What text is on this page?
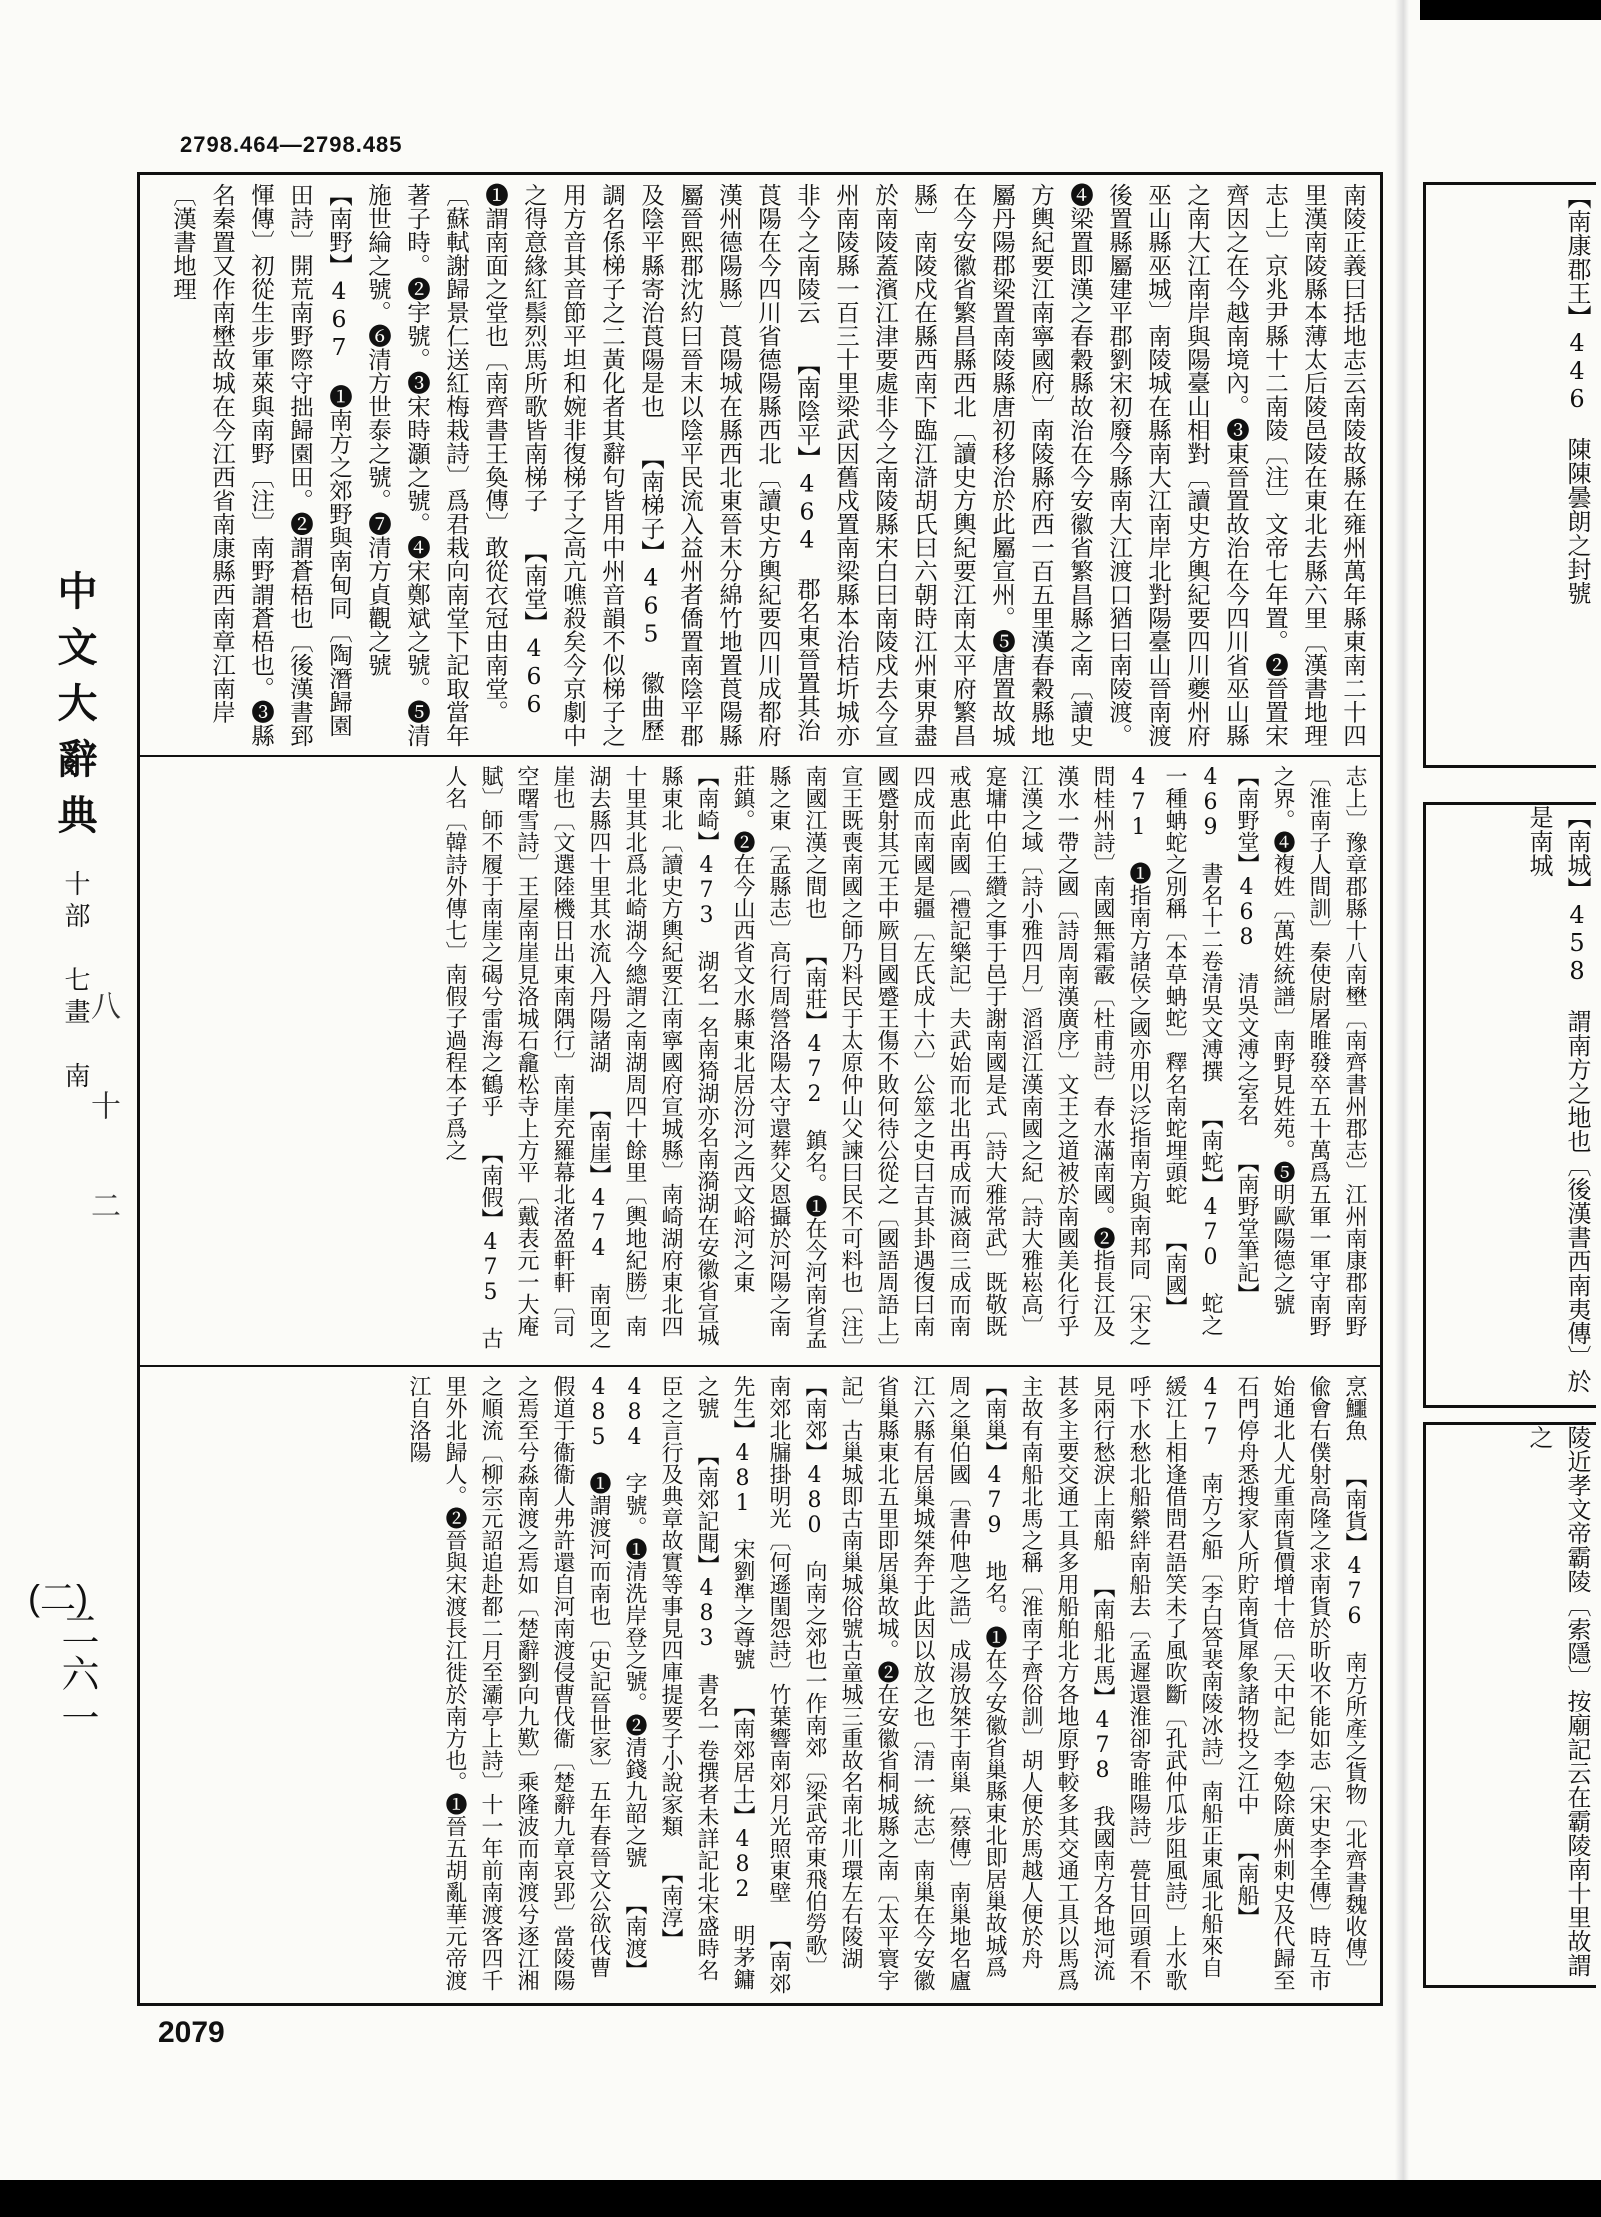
2798.464—2798.485
南陵正義曰括地志云南陵故縣在雍州萬年縣東南二十四里漢南陵縣本薄太后陵邑陵在東北去縣六里〔漢書地理志上〕京兆尹縣十二南陵〔注〕文帝七年置。❷晉置宋齊因之在今越南境內。❸東晉置故治在今四川省巫山縣之南大江南岸與陽臺山相對〔讀史方輿紀要四川夔州府巫山縣巫城〕南陵城在縣南大江南岸北對陽臺山晉南渡後置縣屬建平郡劉宋初廢今縣南大江渡口猶曰南陵渡。❹梁置即漢之春穀縣故治在今安徽省繁昌縣之南〔讀史方輿紀要江南寧國府〕南陵縣府西一百五里漢春穀縣地屬丹陽郡梁置南陵縣唐初移治於此屬宣州。❺唐置故城在今安徽省繁昌縣西北〔讀史方輿紀要江南太平府繁昌縣〕南陵戍在縣西南下臨江滸胡氏曰六朝時江州東界盡於南陵蓋濱江津要處非今之南陵縣宋白曰南陵戍去今宣州南陵縣一百三十里梁武因舊戍置南梁縣本治桔圻城亦非今之南陵云 【南陰平】464　郡名東晉置其治莨陽在今四川省德陽縣西北〔讀史方輿紀要四川成都府漢州德陽縣〕莨陽城在縣西北東晉末分綿竹地置莨陽縣屬晉熙郡沈約曰晉末以陰平民流入益州者僑置南陰平郡及陰平縣寄治莨陽是也 【南梯子】465　徽曲歷調名係梯子之二黃化者其辭句皆用中州音韻不似梯子之用方音其音節平坦和婉非復梯子之高亢噍殺矣今京劇中之得意緣紅鬃烈馬所歌皆南梯子 【南堂】466　❶謂南面之堂也〔南齊書王奐傳〕敢從衣冠由南堂。〔蘇軾謝歸景仁送紅梅栽詩〕爲君栽向南堂下記取當年著子時。❷宇號。❸宋時灝之號。❹宋鄭斌之號。❺清施世綸之號。❻清方世泰之號。❼清方貞觀之號 【南野】467　❶南方之郊野與南甸同〔陶潛歸園田詩〕開荒南野際守拙歸園田。❷謂蒼梧也〔後漢書郅惲傳〕初從生步軍萊與南野〔注〕南野謂蒼梧也。❸縣名秦置又作南壄故城在今江西省南康縣西南章江南岸〔漢書地理
志上〕豫章郡縣十八南壄〔南齊書州郡志〕江州南康郡南野〔淮南子人間訓〕秦使尉屠睢發卒五十萬爲五軍一軍守南野之界。❹複姓〔萬姓統譜〕南野見姓苑。❺明歐陽德之號 【南野堂】468　清吳文溥之室名 【南野堂筆記】469　書名十二卷清吳文溥撰 【南蛇】470　蛇之一種蚺蛇之別稱〔本草蚺蛇〕釋名南蛇埋頭蛇 【南國】471　❶指南方諸侯之國亦用以泛指南方與南邦同〔宋之問桂州詩〕南國無霜霰〔杜甫詩〕春水滿南國。❷指長江及漢水一帶之國〔詩周南漢廣序〕文王之道被於南國美化行乎江漢之域〔詩小雅四月〕滔滔江漢南國之紀〔詩大雅崧高〕寔墉中伯王纘之事于邑于謝南國是式〔詩大雅常武〕既敬既戒惠此南國〔禮記樂記〕夫武始而北出再成而滅商三成而南四成而南國是疆〔左氏成十六〕公筮之史曰吉其卦遇復曰南國蹙射其元王中厥目國蹙王傷不敗何待公從之〔國語周語上〕宣王既喪南國之師乃料民于太原仲山父諫曰民不可料也〔注〕南國江漢之間也 【南莊】472　鎮名。❶在今河南省孟縣之東〔孟縣志〕高行周營洛陽太守還葬父恩攝於河陽之南莊鎮。❷在今山西省文水縣東北居汾河之西文峪河之東 【南崎】473　湖名一名南猗湖亦名南漪湖在安徽省宣城縣東北〔讀史方輿紀要江南寧國府宣城縣〕南崎湖府東北四十里其北爲北崎湖今總謂之南湖周四十餘里〔輿地紀勝〕南湖去縣四十里其水流入丹陽諸湖 【南崖】474　南面之崖也〔文選陸機日出東南隅行〕南崖充羅幕北渚盈軒軒〔司空曙雪詩〕王屋南崖見洛城石龕松寺上方平〔戴表元一大庵賦〕師不履于南崖之碣兮雷海之鶴乎 【南假】475　古人名〔韓詩外傳七〕南假子過程本子爲之
烹鱷魚 【南貨】476　南方所產之貨物〔北齊書魏收傳〕偸會右僕射高隆之求南貨於昕收不能如志〔宋史李全傳〕時互市始通北人尤重南貨價增十倍〔天中記〕李勉除廣州刺史及代歸至石門停舟悉搜家人所貯南貨犀象諸物投之江中 【南船】477　南方之船〔李白答裴南陵冰詩〕南船正東風北船來自緩江上相逢借問君語笑未了風吹斷〔孔武仲瓜步阻風詩〕上水歌呼下水愁北船縈絆南船去〔孟遲還淮卻寄睢陽詩〕甍甘回頭看不見兩行愁淚上南船 【南船北馬】478　我國南方各地河流甚多主要交通工具多用船舶北方各地原野較多其交通工具以馬爲主故有南船北馬之稱〔淮南子齊俗訓〕胡人便於馬越人便於舟 【南巢】479　地名。❶在今安徽省巢縣東北即居巢故城爲周之巢伯國〔書仲虺之誥〕成湯放桀于南巢〔蔡傳〕南巢地名廬江六縣有居巢城桀奔于此因以放之也〔清一統志〕南巢在今安徽省巢縣東北五里即居巢故城。❷在安徽省桐城縣之南〔太平寰宇記〕古巢城即古南巢城俗號古童城三重故名南北川環左右陵湖 【南郊】480　向南之郊也一作南郊〔梁武帝東飛伯勞歌〕南郊北牖掛明光〔何遜閨怨詩〕竹葉響南郊月光照東壁 【南郊先生】481　宋劉準之尊號 【南郊居士】482　明茅鏞之號 【南郊記聞】483　書名一卷撰者未詳記北宋盛時名臣之言行及典章故實等事見四庫提要子小說家類 【南淳】484　字號。❶清洗岸登之號。❷清錢九韶之號 【南渡】485　❶謂渡河而南也〔史記晉世家〕五年春晉文公欲伐曹假道于衞衞人弗許還自河南渡侵曹伐衞〔楚辭九章哀郢〕當陵陽之焉至兮淼南渡之焉如〔楚辭劉向九歎〕乘隆波而南渡兮逐江湘之順流〔柳宗元詔追赴都二月至灞亭上詩〕十一年前南渡客四千里外北歸人。❷晉與宋渡長江徙於南方也。❶晉五胡亂華元帝渡江自洛陽
中文大辭典
十部　七畫　南
八　十　二
(二)
二六一
2079
【南康郡王】446　陳陳曇朗之封號
【南城】458　謂南方之地也〔後漢書西南夷傳〕於是南城
陵近孝文帝霸陵〔索隱〕按廟記云在霸陵南十里故謂之
